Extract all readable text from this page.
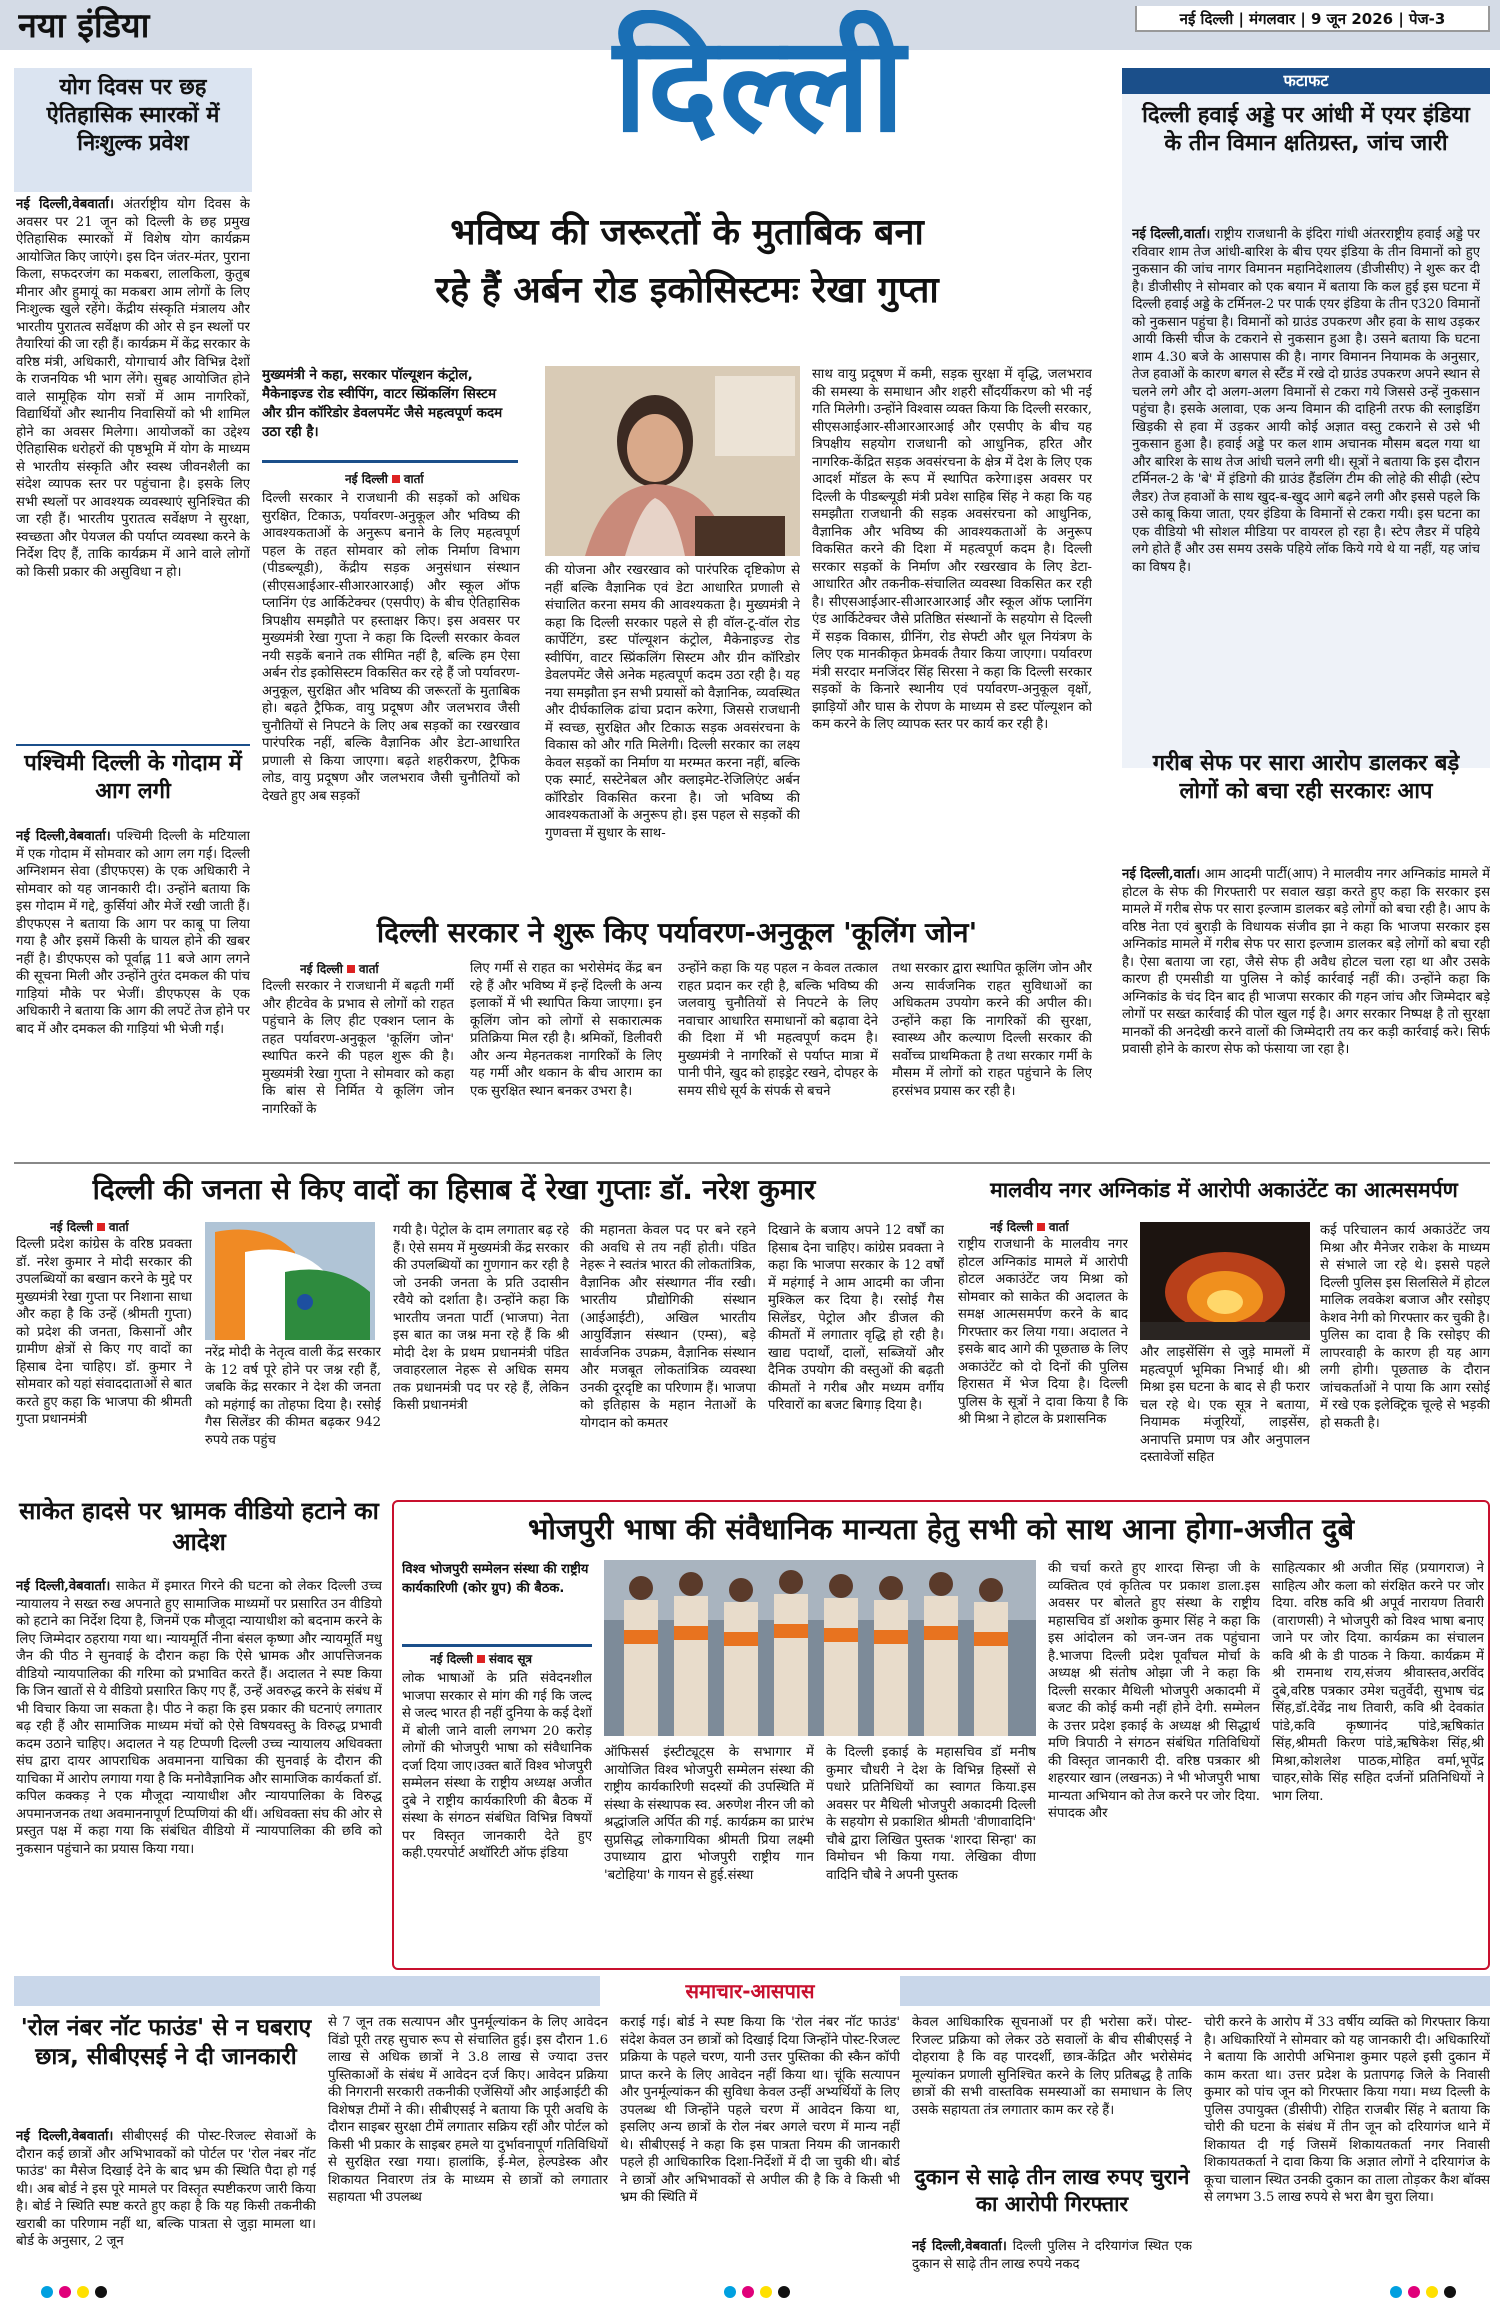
नया इंडिया	नई दिल्ली | मंगलवार | 9 जून 2026 | पेज-3
दिल्ली
योग दिवस पर छह ऐतिहासिक स्मारकों में निःशुल्क प्रवेश
नई दिल्ली,वेबवार्ता। अंतर्राष्ट्रीय योग दिवस के अवसर पर 21 जून को दिल्ली के छह प्रमुख ऐतिहासिक स्मारकों में विशेष योग कार्यक्रम आयोजित किए जाएंगे। इस दिन जंतर-मंतर, पुराना किला, सफदरजंग का मकबरा, लालकिला, कुतुब मीनार और हुमायूं का मकबरा आम लोगों के लिए निःशुल्क खुले रहेंगे। केंद्रीय संस्कृति मंत्रालय और भारतीय पुरातत्व सर्वेक्षण की ओर से इन स्थलों पर तैयारियां की जा रही हैं। कार्यक्रम में केंद्र सरकार के वरिष्ठ मंत्री, अधिकारी, योगाचार्य और विभिन्न देशों के राजनयिक भी भाग लेंगे। सुबह आयोजित होने वाले सामूहिक योग सत्रों में आम नागरिकों, विद्यार्थियों और स्थानीय निवासियों को भी शामिल होने का अवसर मिलेगा। आयोजकों का उद्देश्य ऐतिहासिक धरोहरों की पृष्ठभूमि में योग के माध्यम से भारतीय संस्कृति और स्वस्थ जीवनशैली का संदेश व्यापक स्तर पर पहुंचाना है। इसके लिए सभी स्थलों पर आवश्यक व्यवस्थाएं सुनिश्चित की जा रही हैं। भारतीय पुरातत्व सर्वेक्षण ने सुरक्षा, स्वच्छता और पेयजल की पर्याप्त व्यवस्था करने के निर्देश दिए हैं, ताकि कार्यक्रम में आने वाले लोगों को किसी प्रकार की असुविधा न हो।
पश्चिमी दिल्ली के गोदाम में आग लगी
नई दिल्ली,वेबवार्ता। पश्चिमी दिल्ली के मटियाला में एक गोदाम में सोमवार को आग लग गई। दिल्ली अग्निशमन सेवा (डीएफएस) के एक अधिकारी ने सोमवार को यह जानकारी दी। उन्होंने बताया कि इस गोदाम में गद्दे, कुर्सियां और मेजें रखी जाती हैं। डीएफएस ने बताया कि आग पर काबू पा लिया गया है और इसमें किसी के घायल होने की खबर नहीं है। डीएफएस को पूर्वाह्न 11 बजे आग लगने की सूचना मिली और उन्होंने तुरंत दमकल की पांच गाड़ियां मौके पर भेजीं। डीएफएस के एक अधिकारी ने बताया कि आग की लपटें तेज होने पर बाद में और दमकल की गाड़ियां भी भेजी गईं।
भविष्य की जरूरतों के मुताबिक बना
रहे हैं अर्बन रोड इकोसिस्टमः रेखा गुप्ता
मुख्यमंत्री ने कहा, सरकार पॉल्यूशन कंट्रोल, मैकेनाइज्ड रोड स्वीपिंग, वाटर स्प्रिंकलिंग सिस्टम और ग्रीन कॉरिडोर डेवलपमेंट जैसे महत्वपूर्ण कदम उठा रही है।
नई दिल्ली वार्ता
दिल्ली सरकार ने राजधानी की सड़कों को अधिक सुरक्षित, टिकाऊ, पर्यावरण-अनुकूल और भविष्य की आवश्यकताओं के अनुरूप बनाने के लिए महत्वपूर्ण पहल के तहत सोमवार को लोक निर्माण विभाग (पीडब्ल्यूडी), केंद्रीय सड़क अनुसंधान संस्थान (सीएसआईआर-सीआरआरआई) और स्कूल ऑफ प्लानिंग एंड आर्किटेक्चर (एसपीए) के बीच ऐतिहासिक त्रिपक्षीय समझौते पर हस्ताक्षर किए। इस अवसर पर मुख्यमंत्री रेखा गुप्ता ने कहा कि दिल्ली सरकार केवल नयी सड़कें बनाने तक सीमित नहीं है, बल्कि हम ऐसा अर्बन रोड इकोसिस्टम विकसित कर रहे हैं जो पर्यावरण-अनुकूल, सुरक्षित और भविष्य की जरूरतों के मुताबिक हो। बढ़ते ट्रैफिक, वायु प्रदूषण और जलभराव जैसी चुनौतियों से निपटने के लिए अब सड़कों का रखरखाव पारंपरिक नहीं, बल्कि वैज्ञानिक और डेटा-आधारित प्रणाली से किया जाएगा। बढ़ते शहरीकरण, ट्रैफिक लोड, वायु प्रदूषण और जलभराव जैसी चुनौतियों को देखते हुए अब सड़कों
की योजना और रखरखाव को पारंपरिक दृष्टिकोण से नहीं बल्कि वैज्ञानिक एवं डेटा आधारित प्रणाली से संचालित करना समय की आवश्यकता है। मुख्यमंत्री ने कहा कि दिल्ली सरकार पहले से ही वॉल-टू-वॉल रोड कार्पेटिंग, डस्ट पॉल्यूशन कंट्रोल, मैकेनाइज्ड रोड स्वीपिंग, वाटर स्प्रिंकलिंग सिस्टम और ग्रीन कॉरिडोर डेवलपमेंट जैसे अनेक महत्वपूर्ण कदम उठा रही है। यह नया समझौता इन सभी प्रयासों को वैज्ञानिक, व्यवस्थित और दीर्घकालिक ढांचा प्रदान करेगा, जिससे राजधानी में स्वच्छ, सुरक्षित और टिकाऊ सड़क अवसंरचना के विकास को और गति मिलेगी। दिल्ली सरकार का लक्ष्य केवल सड़कों का निर्माण या मरम्मत करना नहीं, बल्कि एक स्मार्ट, सस्टेनेबल और क्लाइमेट-रेजिलिएंट अर्बन कॉरिडोर विकसित करना है। जो भविष्य की आवश्यकताओं के अनुरूप हो। इस पहल से सड़कों की गुणवत्ता में सुधार के साथ-
साथ वायु प्रदूषण में कमी, सड़क सुरक्षा में वृद्धि, जलभराव की समस्या के समाधान और शहरी सौंदर्यीकरण को भी नई गति मिलेगी। उन्होंने विश्वास व्यक्त किया कि दिल्ली सरकार, सीएसआईआर-सीआरआरआई और एसपीए के बीच यह त्रिपक्षीय सहयोग राजधानी को आधुनिक, हरित और नागरिक-केंद्रित सड़क अवसंरचना के क्षेत्र में देश के लिए एक आदर्श मॉडल के रूप में स्थापित करेगा।इस अवसर पर दिल्ली के पीडब्ल्यूडी मंत्री प्रवेश साहिब सिंह ने कहा कि यह समझौता राजधानी की सड़क अवसंरचना को आधुनिक, वैज्ञानिक और भविष्य की आवश्यकताओं के अनुरूप विकसित करने की दिशा में महत्वपूर्ण कदम है। दिल्ली सरकार सड़कों के निर्माण और रखरखाव के लिए डेटा-आधारित और तकनीक-संचालित व्यवस्था विकसित कर रही है। सीएसआईआर-सीआरआरआई और स्कूल ऑफ प्लानिंग एंड आर्किटेक्चर जैसे प्रतिष्ठित संस्थानों के सहयोग से दिल्ली में सड़क विकास, ग्रीनिंग, रोड सेफ्टी और धूल नियंत्रण के लिए एक मानकीकृत फ्रेमवर्क तैयार किया जाएगा। पर्यावरण मंत्री सरदार मनजिंदर सिंह सिरसा ने कहा कि दिल्ली सरकार सड़कों के किनारे स्थानीय एवं पर्यावरण-अनुकूल वृक्षों, झाड़ियों और घास के रोपण के माध्यम से डस्ट पॉल्यूशन को कम करने के लिए व्यापक स्तर पर कार्य कर रही है।
दिल्ली सरकार ने शुरू किए पर्यावरण-अनुकूल 'कूलिंग जोन'
नई दिल्ली वार्ता
दिल्ली सरकार ने राजधानी में बढ़ती गर्मी और हीटवेव के प्रभाव से लोगों को राहत पहुंचाने के लिए हीट एक्शन प्लान के तहत पर्यावरण-अनुकूल 'कूलिंग जोन' स्थापित करने की पहल शुरू की है। मुख्यमंत्री रेखा गुप्ता ने सोमवार को कहा कि बांस से निर्मित ये कूलिंग जोन नागरिकों के
लिए गर्मी से राहत का भरोसेमंद केंद्र बन रहे हैं और भविष्य में इन्हें दिल्ली के अन्य इलाकों में भी स्थापित किया जाएगा। इन कूलिंग जोन को लोगों से सकारात्मक प्रतिक्रिया मिल रही है। श्रमिकों, डिलीवरी और अन्य मेहनतकश नागरिकों के लिए यह गर्मी और थकान के बीच आराम का एक सुरक्षित स्थान बनकर उभरा है।
उन्होंने कहा कि यह पहल न केवल तत्काल राहत प्रदान कर रही है, बल्कि भविष्य की जलवायु चुनौतियों से निपटने के लिए नवाचार आधारित समाधानों को बढ़ावा देने की दिशा में भी महत्वपूर्ण कदम है। मुख्यमंत्री ने नागरिकों से पर्याप्त मात्रा में पानी पीने, खुद को हाइड्रेट रखने, दोपहर के समय सीधे सूर्य के संपर्क से बचने
तथा सरकार द्वारा स्थापित कूलिंग जोन और अन्य सार्वजनिक राहत सुविधाओं का अधिकतम उपयोग करने की अपील की। उन्होंने कहा कि नागरिकों की सुरक्षा, स्वास्थ्य और कल्याण दिल्ली सरकार की सर्वोच्च प्राथमिकता है तथा सरकार गर्मी के मौसम में लोगों को राहत पहुंचाने के लिए हरसंभव प्रयास कर रही है।
फटाफट
दिल्ली हवाई अड्डे पर आंधी में एयर इंडिया के तीन विमान क्षतिग्रस्त, जांच जारी
नई दिल्ली,वार्ता। राष्ट्रीय राजधानी के इंदिरा गांधी अंतरराष्ट्रीय हवाई अड्डे पर रविवार शाम तेज आंधी-बारिश के बीच एयर इंडिया के तीन विमानों को हुए नुकसान की जांच नागर विमानन महानिदेशालय (डीजीसीए) ने शुरू कर दी है। डीजीसीए ने सोमवार को एक बयान में बताया कि कल हुई इस घटना में दिल्ली हवाई अड्डे के टर्मिनल-2 पर पार्क एयर इंडिया के तीन ए320 विमानों को नुकसान पहुंचा है। विमानों को ग्राउंड उपकरण और हवा के साथ उड़कर आयी किसी चीज के टकराने से नुकसान हुआ है। उसने बताया कि घटना शाम 4.30 बजे के आसपास की है। नागर विमानन नियामक के अनुसार, तेज हवाओं के कारण बगल से स्टैंड में रखे दो ग्राउंड उपकरण अपने स्थान से चलने लगे और दो अलग-अलग विमानों से टकरा गये जिससे उन्हें नुकसान पहुंचा है। इसके अलावा, एक अन्य विमान की दाहिनी तरफ की स्लाइडिंग खिड़की से हवा में उड़कर आयी कोई अज्ञात वस्तु टकराने से उसे भी नुकसान हुआ है। हवाई अड्डे पर कल शाम अचानक मौसम बदल गया था और बारिश के साथ तेज आंधी चलने लगी थी। सूत्रों ने बताया कि इस दौरान टर्मिनल-2 के 'बे' में इंडिगो की ग्राउंड हैंडलिंग टीम की लोहे की सीढ़ी (स्टेप लैडर) तेज हवाओं के साथ खुद-ब-खुद आगे बढ़ने लगी और इससे पहले कि उसे काबू किया जाता, एयर इंडिया के विमानों से टकरा गयी। इस घटना का एक वीडियो भी सोशल मीडिया पर वायरल हो रहा है। स्टेप लैडर में पहिये लगे होते हैं और उस समय उसके पहिये लॉक किये गये थे या नहीं, यह जांच का विषय है।
गरीब सेफ पर सारा आरोप डालकर बड़े लोगों को बचा रही सरकारः आप
नई दिल्ली,वार्ता। आम आदमी पार्टी(आप) ने मालवीय नगर अग्निकांड मामले में होटल के सेफ की गिरफ्तारी पर सवाल खड़ा करते हुए कहा कि सरकार इस मामले में गरीब सेफ पर सारा इल्जाम डालकर बड़े लोगों को बचा रही है। आप के वरिष्ठ नेता एवं बुराड़ी के विधायक संजीव झा ने कहा कि भाजपा सरकार इस अग्निकांड मामले में गरीब सेफ पर सारा इल्जाम डालकर बड़े लोगों को बचा रही है। ऐसा बताया जा रहा, जैसे सेफ ही अवैध होटल चला रहा था और उसके कारण ही एमसीडी या पुलिस ने कोई कार्रवाई नहीं की। उन्होंने कहा कि अग्निकांड के चंद दिन बाद ही भाजपा सरकार की गहन जांच और जिम्मेदार बड़े लोगों पर सख्त कार्रवाई की पोल खुल गई है। अगर सरकार निष्पक्ष है तो सुरक्षा मानकों की अनदेखी करने वालों की जिम्मेदारी तय कर कड़ी कार्रवाई करे। सिर्फ प्रवासी होने के कारण सेफ को फंसाया जा रहा है।
दिल्ली की जनता से किए वादों का हिसाब दें रेखा गुप्ताः डॉ. नरेश कुमार
नई दिल्ली वार्ता
दिल्ली प्रदेश कांग्रेस के वरिष्ठ प्रवक्ता डॉ. नरेश कुमार ने मोदी सरकार की उपलब्धियों का बखान करने के मुद्दे पर मुख्यमंत्री रेखा गुप्ता पर निशाना साधा और कहा है कि उन्हें (श्रीमती गुप्ता) को प्रदेश की जनता, किसानों और ग्रामीण क्षेत्रों से किए गए वादों का हिसाब देना चाहिए। डॉ. कुमार ने सोमवार को यहां संवाददाताओं से बात करते हुए कहा कि भाजपा की श्रीमती गुप्ता प्रधानमंत्री
नरेंद्र मोदी के नेतृत्व वाली केंद्र सरकार के 12 वर्ष पूरे होने पर जश्न रही हैं, जबकि केंद्र सरकार ने देश की जनता को महंगाई का तोहफा दिया है। रसोई गैस सिलेंडर की कीमत बढ़कर 942 रुपये तक पहुंच
गयी है। पेट्रोल के दाम लगातार बढ़ रहे हैं। ऐसे समय में मुख्यमंत्री केंद्र सरकार की उपलब्धियों का गुणगान कर रही है जो उनकी जनता के प्रति उदासीन रवैये को दर्शाता है। उन्होंने कहा कि भारतीय जनता पार्टी (भाजपा) नेता इस बात का जश्न मना रहे हैं कि श्री मोदी देश के प्रथम प्रधानमंत्री पंडित जवाहरलाल नेहरू से अधिक समय तक प्रधानमंत्री पद पर रहे हैं, लेकिन किसी प्रधानमंत्री
की महानता केवल पद पर बने रहने की अवधि से तय नहीं होती। पंडित नेहरू ने स्वतंत्र भारत की लोकतांत्रिक, वैज्ञानिक और संस्थागत नींव रखी। भारतीय प्रौद्योगिकी संस्थान (आईआईटी), अखिल भारतीय आयुर्विज्ञान संस्थान (एम्स), बड़े सार्वजनिक उपक्रम, वैज्ञानिक संस्थान और मजबूत लोकतांत्रिक व्यवस्था उनकी दूरदृष्टि का परिणाम हैं। भाजपा को इतिहास के महान नेताओं के योगदान को कमतर
दिखाने के बजाय अपने 12 वर्षों का हिसाब देना चाहिए। कांग्रेस प्रवक्ता ने कहा कि भाजपा सरकार के 12 वर्षों में महंगाई ने आम आदमी का जीना मुश्किल कर दिया है। रसोई गैस सिलेंडर, पेट्रोल और डीजल की कीमतों में लगातार वृद्धि हो रही है। खाद्य पदार्थों, दालों, सब्जियों और दैनिक उपयोग की वस्तुओं की बढ़ती कीमतों ने गरीब और मध्यम वर्गीय परिवारों का बजट बिगाड़ दिया है।
मालवीय नगर अग्निकांड में आरोपी अकाउंटेंट का आत्मसमर्पण
नई दिल्ली वार्ता
राष्ट्रीय राजधानी के मालवीय नगर होटल अग्निकांड मामले में आरोपी होटल अकाउंटेंट जय मिश्रा को सोमवार को साकेत की अदालत के समक्ष आत्मसमर्पण करने के बाद गिरफ्तार कर लिया गया। अदालत ने इसके बाद आगे की पूछताछ के लिए अकाउंटेंट को दो दिनों की पुलिस हिरासत में भेज दिया है। दिल्ली पुलिस के सूत्रों ने दावा किया है कि श्री मिश्रा ने होटल के प्रशासनिक
और लाइसेंसिंग से जुड़े मामलों में महत्वपूर्ण भूमिका निभाई थी। श्री मिश्रा इस घटना के बाद से ही फरार चल रहे थे। एक सूत्र ने बताया, नियामक मंजूरियों, लाइसेंस, अनापत्ति प्रमाण पत्र और अनुपालन दस्तावेजों सहित
कई परिचालन कार्य अकाउंटेंट जय मिश्रा और मैनेजर राकेश के माध्यम से संभाले जा रहे थे। इससे पहले दिल्ली पुलिस इस सिलसिले में होटल मालिक लवकेश बजाज और रसोइए केशव नेगी को गिरफ्तार कर चुकी है। पुलिस का दावा है कि रसोइए की लापरवाही के कारण ही यह आग लगी होगी। पूछताछ के दौरान जांचकर्ताओं ने पाया कि आग रसोई में रखे एक इलेक्ट्रिक चूल्हे से भड़की हो सकती है।
साकेत हादसे पर भ्रामक वीडियो हटाने का आदेश
नई दिल्ली,वेबवार्ता। साकेत में इमारत गिरने की घटना को लेकर दिल्ली उच्च न्यायालय ने सख्त रुख अपनाते हुए सामाजिक माध्यमों पर प्रसारित उन वीडियो को हटाने का निर्देश दिया है, जिनमें एक मौजूदा न्यायाधीश को बदनाम करने के लिए जिम्मेदार ठहराया गया था। न्यायमूर्ति नीना बंसल कृष्णा और न्यायमूर्ति मधु जैन की पीठ ने सुनवाई के दौरान कहा कि ऐसे भ्रामक और आपत्तिजनक वीडियो न्यायपालिका की गरिमा को प्रभावित करते हैं। अदालत ने स्पष्ट किया कि जिन खातों से ये वीडियो प्रसारित किए गए हैं, उन्हें अवरुद्ध करने के संबंध में भी विचार किया जा सकता है। पीठ ने कहा कि इस प्रकार की घटनाएं लगातार बढ़ रही हैं और सामाजिक माध्यम मंचों को ऐसे विषयवस्तु के विरुद्ध प्रभावी कदम उठाने चाहिए। अदालत ने यह टिप्पणी दिल्ली उच्च न्यायालय अधिवक्ता संघ द्वारा दायर आपराधिक अवमानना याचिका की सुनवाई के दौरान की याचिका में आरोप लगाया गया है कि मनोवैज्ञानिक और सामाजिक कार्यकर्ता डॉ. कपिल कक्कड़ ने एक मौजूदा न्यायाधीश और न्यायपालिका के विरुद्ध अपमानजनक तथा अवमाननापूर्ण टिप्पणियां की थीं। अधिवक्ता संघ की ओर से प्रस्तुत पक्ष में कहा गया कि संबंधित वीडियो में न्यायपालिका की छवि को नुकसान पहुंचाने का प्रयास किया गया।
भोजपुरी भाषा की संवैधानिक मान्यता हेतु सभी को साथ आना होगा-अजीत दुबे
विश्व भोजपुरी सम्मेलन संस्था की राष्ट्रीय कार्यकारिणी (कोर ग्रुप) की बैठक.
नई दिल्ली संवाद सूत्र
लोक भाषाओं के प्रति संवेदनशील भाजपा सरकार से मांग की गई कि जल्द से जल्द भारत ही नहीं दुनिया के कई देशों में बोली जाने वाली लगभग 20 करोड़ लोगों की भोजपुरी भाषा को संवैधानिक दर्जा दिया जाए।उक्त बातें विश्व भोजपुरी सम्मेलन संस्था के राष्ट्रीय अध्यक्ष अजीत दुबे ने राष्ट्रीय कार्यकारिणी की बैठक में संस्था के संगठन संबंधित विभिन्न विषयों पर विस्तृत जानकारी देते हुए कही.एयरपोर्ट अथॉरिटी ऑफ इंडिया
ऑफिसर्स इंस्टीट्यूट्स के सभागार में आयोजित विश्व भोजपुरी सम्मेलन संस्था की राष्ट्रीय कार्यकारिणी सदस्यों की उपस्थिति में संस्था के संस्थापक स्व. अरुणेश नीरन जी को श्रद्धांजलि अर्पित की गई. कार्यक्रम का प्रारंभ सुप्रसिद्ध लोकगायिका श्रीमती प्रिया लक्ष्मी उपाध्याय द्वारा भोजपुरी राष्ट्रीय गान 'बटोहिया' के गायन से हुई.संस्था
के दिल्ली इकाई के महासचिव डॉ मनीष कुमार चौधरी ने देश के विभिन्न हिस्सों से पधारे प्रतिनिधियों का स्वागत किया.इस अवसर पर मैथिली भोजपुरी अकादमी दिल्ली के सहयोग से प्रकाशित श्रीमती 'वीणावादिनि' चौबे द्वारा लिखित पुस्तक 'शारदा सिन्हा' का विमोचन भी किया गया. लेखिका वीणा वादिनि चौबे ने अपनी पुस्तक
की चर्चा करते हुए शारदा सिन्हा जी के व्यक्तित्व एवं कृतित्व पर प्रकाश डाला.इस अवसर पर बोलते हुए संस्था के राष्ट्रीय महासचिव डॉ अशोक कुमार सिंह ने कहा कि इस आंदोलन को जन-जन तक पहुंचाना है.भाजपा दिल्ली प्रदेश पूर्वांचल मोर्चा के अध्यक्ष श्री संतोष ओझा जी ने कहा कि दिल्ली सरकार मैथिली भोजपुरी अकादमी में बजट की कोई कमी नहीं होने देगी. सम्मेलन के उत्तर प्रदेश इकाई के अध्यक्ष श्री सिद्धार्थ मणि त्रिपाठी ने संगठन संबंधित गतिविधियों की विस्तृत जानकारी दी. वरिष्ठ पत्रकार श्री शहरयार खान (लखनऊ) ने भी भोजपुरी भाषा मान्यता अभियान को तेज करने पर जोर दिया. संपादक और
साहित्यकार श्री अजीत सिंह (प्रयागराज) ने साहित्य और कला को संरक्षित करने पर जोर दिया. वरिष्ठ कवि श्री अपूर्व नारायण तिवारी (वाराणसी) ने भोजपुरी को विश्व भाषा बनाए जाने पर जोर दिया. कार्यक्रम का संचालन कवि श्री के डी पाठक ने किया. कार्यक्रम में श्री रामनाथ राय,संजय श्रीवास्तव,अरविंद दुबे,वरिष्ठ पत्रकार उमेश चतुर्वेदी, सुभाष चंद्र सिंह,डॉ.देवेंद्र नाथ तिवारी, कवि श्री देवकांत पांडे,कवि कृष्णानंद पांडे,ऋषिकांत सिंह,श्रीमती किरण पांडे,ऋषिकेश सिंह,श्री मिश्रा,कोशलेश पाठक,मोहित वर्मा,भूपेंद्र चाहर,सोके सिंह सहित दर्जनों प्रतिनिधियों ने भाग लिया.
समाचार-आसपास
'रोल नंबर नॉट फाउंड' से न घबराए छात्र, सीबीएसई ने दी जानकारी
नई दिल्ली,वेबवार्ता। सीबीएसई की पोस्ट-रिजल्ट सेवाओं के दौरान कई छात्रों और अभिभावकों को पोर्टल पर 'रोल नंबर नॉट फाउंड' का मैसेज दिखाई देने के बाद भ्रम की स्थिति पैदा हो गई थी। अब बोर्ड ने इस पूरे मामले पर विस्तृत स्पष्टीकरण जारी किया है। बोर्ड ने स्थिति स्पष्ट करते हुए कहा है कि यह किसी तकनीकी खराबी का परिणाम नहीं था, बल्कि पात्रता से जुड़ा मामला था। बोर्ड के अनुसार, 2 जून
से 7 जून तक सत्यापन और पुनर्मूल्यांकन के लिए आवेदन विंडो पूरी तरह सुचारु रूप से संचालित हुई। इस दौरान 1.6 लाख से अधिक छात्रों ने 3.8 लाख से ज्यादा उत्तर पुस्तिकाओं के संबंध में आवेदन दर्ज किए। आवेदन प्रक्रिया की निगरानी सरकारी तकनीकी एजेंसियों और आईआईटी की विशेषज्ञ टीमों ने की। सीबीएसई ने बताया कि पूरी अवधि के दौरान साइबर सुरक्षा टीमें लगातार सक्रिय रहीं और पोर्टल को किसी भी प्रकार के साइबर हमले या दुर्भावनापूर्ण गतिविधियों से सुरक्षित रखा गया। हालांकि, ई-मेल, हेल्पडेस्क और शिकायत निवारण तंत्र के माध्यम से छात्रों को लगातार सहायता भी उपलब्ध
कराई गई। बोर्ड ने स्पष्ट किया कि 'रोल नंबर नॉट फाउंड' संदेश केवल उन छात्रों को दिखाई दिया जिन्होंने पोस्ट-रिजल्ट प्रक्रिया के पहले चरण, यानी उत्तर पुस्तिका की स्कैन कॉपी प्राप्त करने के लिए आवेदन नहीं किया था। चूंकि सत्यापन और पुनर्मूल्यांकन की सुविधा केवल उन्हीं अभ्यर्थियों के लिए उपलब्ध थी जिन्होंने पहले चरण में आवेदन किया था, इसलिए अन्य छात्रों के रोल नंबर अगले चरण में मान्य नहीं थे। सीबीएसई ने कहा कि इस पात्रता नियम की जानकारी पहले ही आधिकारिक दिशा-निर्देशों में दी जा चुकी थी। बोर्ड ने छात्रों और अभिभावकों से अपील की है कि वे किसी भी भ्रम की स्थिति में
केवल आधिकारिक सूचनाओं पर ही भरोसा करें। पोस्ट-रिजल्ट प्रक्रिया को लेकर उठे सवालों के बीच सीबीएसई ने दोहराया है कि वह पारदर्शी, छात्र-केंद्रित और भरोसेमंद मूल्यांकन प्रणाली सुनिश्चित करने के लिए प्रतिबद्ध है ताकि छात्रों की सभी वास्तविक समस्याओं का समाधान के लिए उसके सहायता तंत्र लगातार काम कर रहे हैं।
दुकान से साढ़े तीन लाख रुपए चुराने का आरोपी गिरफ्तार
नई दिल्ली,वेबवार्ता। दिल्ली पुलिस ने दरियागंज स्थित एक दुकान से साढ़े तीन लाख रुपये नकद
चोरी करने के आरोप में 33 वर्षीय व्यक्ति को गिरफ्तार किया है। अधिकारियों ने सोमवार को यह जानकारी दी। अधिकारियों ने बताया कि आरोपी अभिनाश कुमार पहले इसी दुकान में काम करता था। उत्तर प्रदेश के प्रतापगढ़ जिले के निवासी कुमार को पांच जून को गिरफ्तार किया गया। मध्य दिल्ली के पुलिस उपायुक्त (डीसीपी) रोहित राजबीर सिंह ने बताया कि चोरी की घटना के संबंध में तीन जून को दरियागंज थाने में शिकायत दी गई जिसमें शिकायतकर्ता नगर निवासी शिकायतकर्ता ने दावा किया कि अज्ञात लोगों ने दरियागंज के कूचा चालान स्थित उनकी दुकान का ताला तोड़कर कैश बॉक्स से लगभग 3.5 लाख रुपये से भरा बैग चुरा लिया।
